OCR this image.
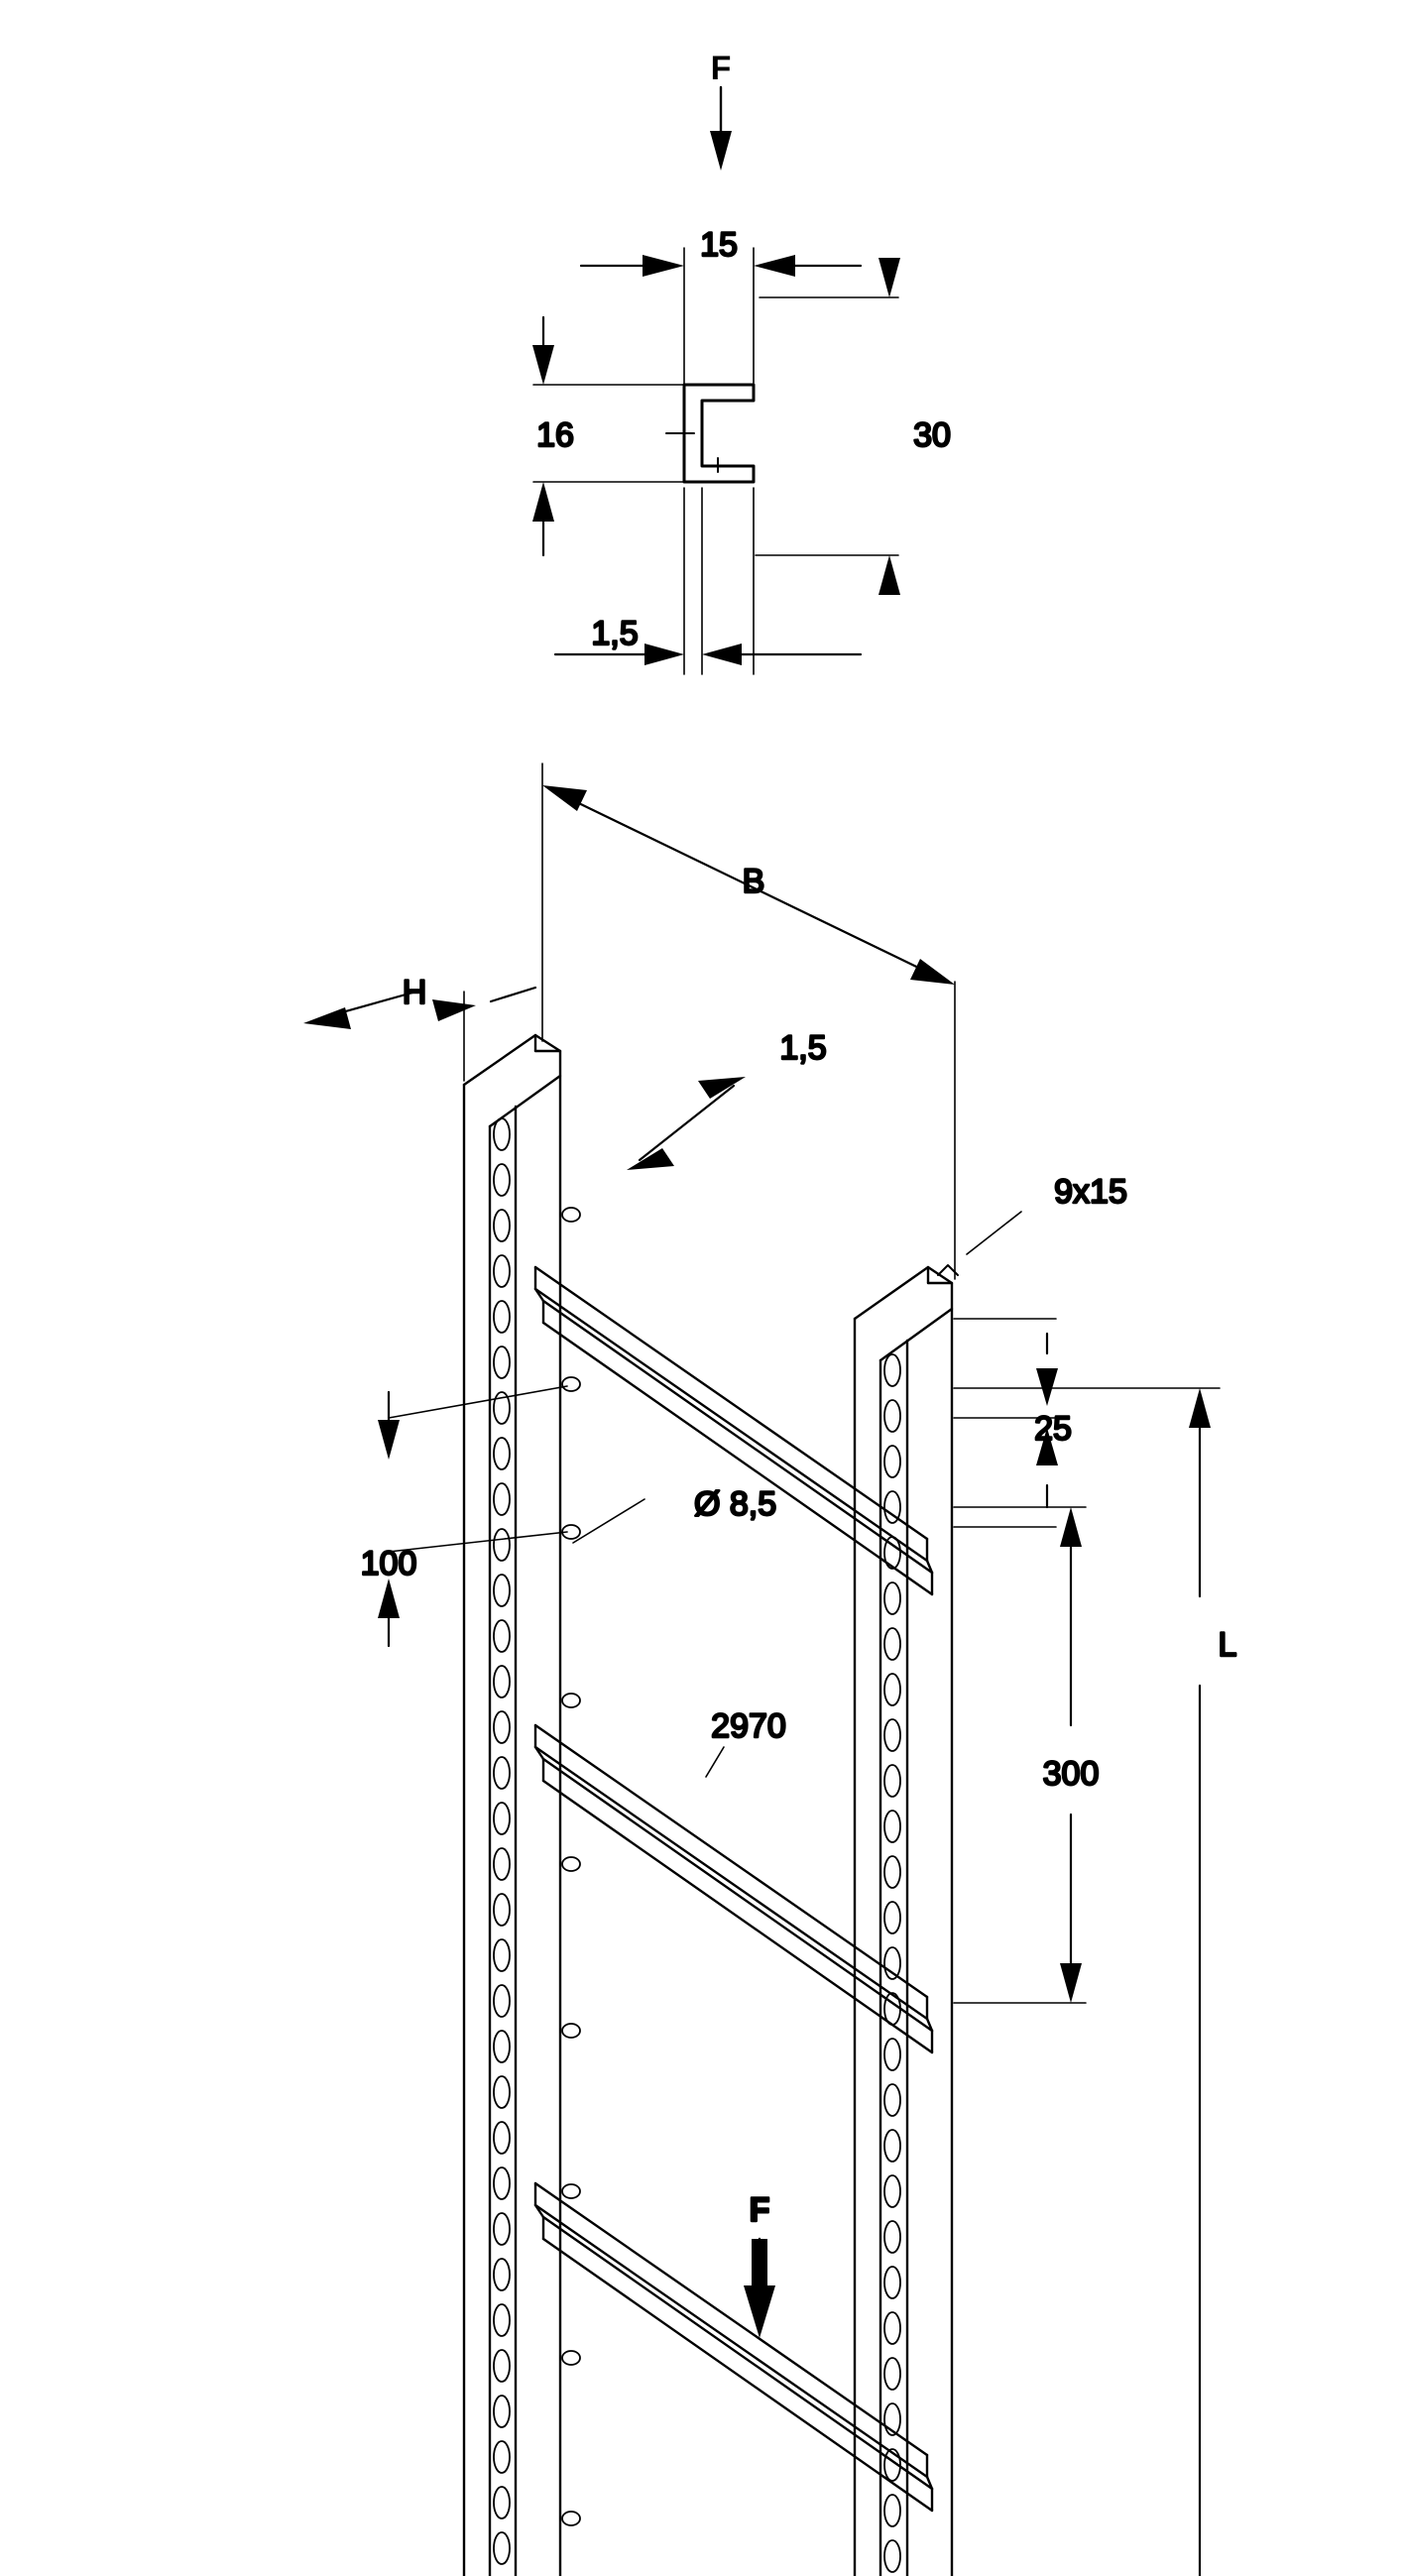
15
16	30
1,5
B
H
1,5
9x15
Ø 8,5
100
2970
25
300
L
F
F
